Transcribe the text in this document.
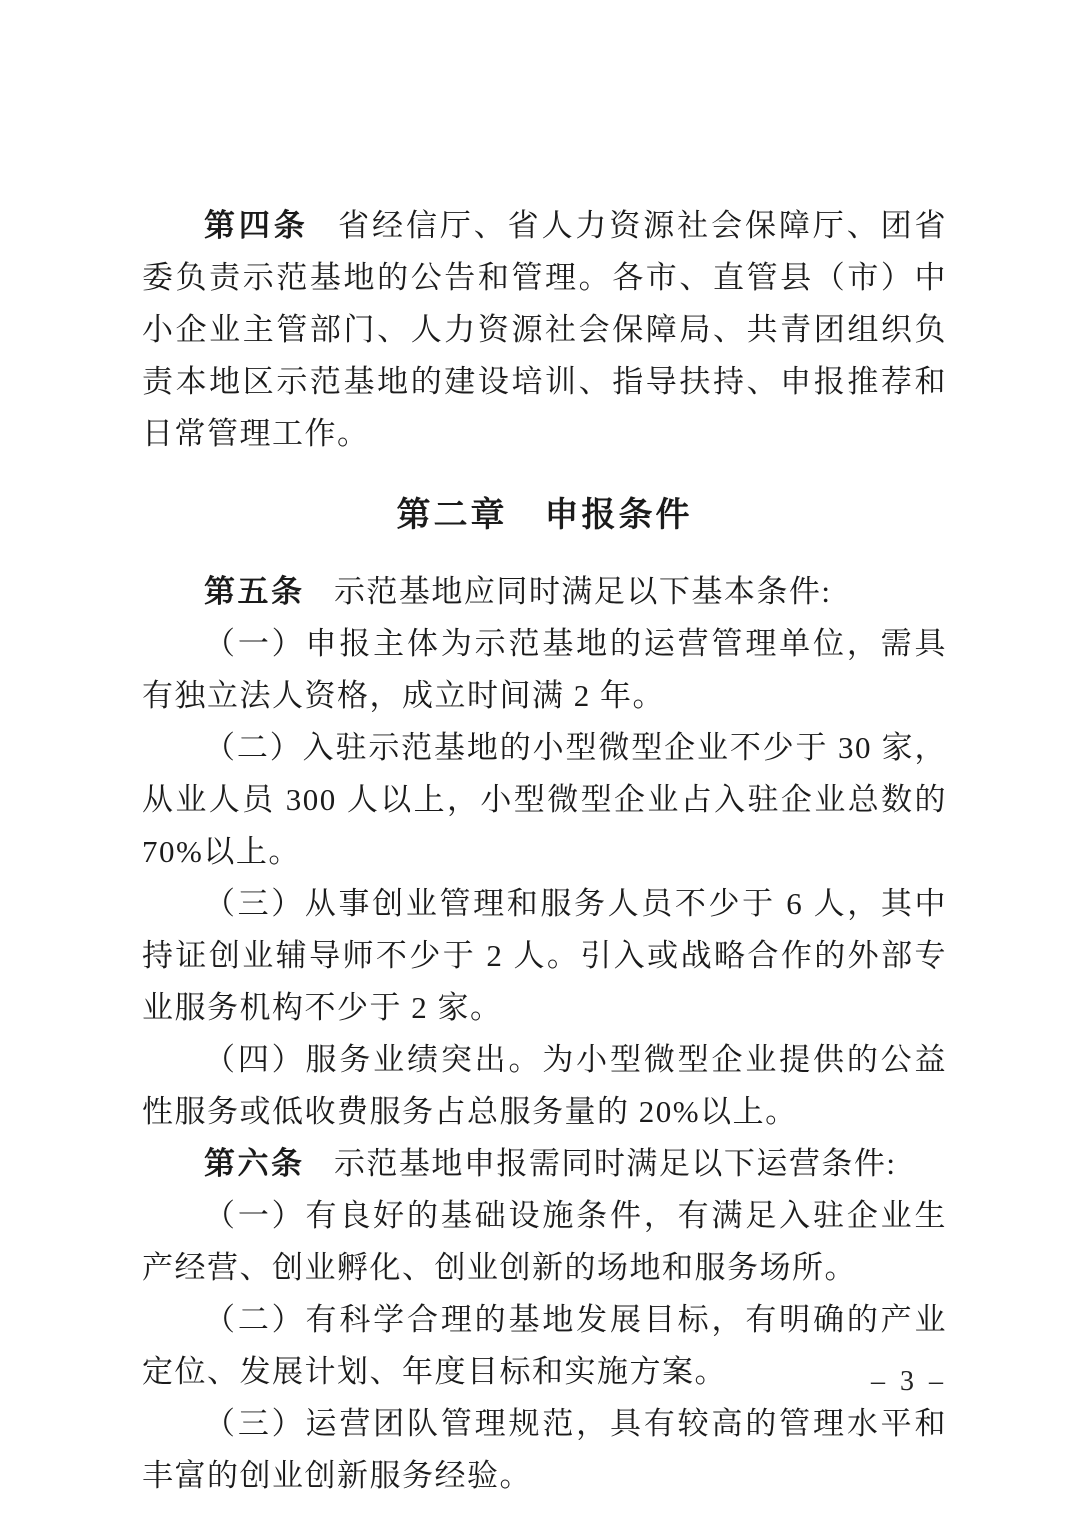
第四条 省经信厅、省人力资源社会保障厅、团省委负责示范基地的公告和管理。各市、直管县（市）中小企业主管部门、人力资源社会保障局、共青团组织负责本地区示范基地的建设培训、指导扶持、申报推荐和日常管理工作。

第二章　申报条件

第五条 示范基地应同时满足以下基本条件:

（一）申报主体为示范基地的运营管理单位，需具有独立法人资格，成立时间满 2 年。

（二）入驻示范基地的小型微型企业不少于 30 家，从业人员 300 人以上，小型微型企业占入驻企业总数的 70%以上。

（三）从事创业管理和服务人员不少于 6 人，其中持证创业辅导师不少于 2 人。引入或战略合作的外部专业服务机构不少于 2 家。

（四）服务业绩突出。为小型微型企业提供的公益性服务或低收费服务占总服务量的 20%以上。

第六条 示范基地申报需同时满足以下运营条件:

（一）有良好的基础设施条件，有满足入驻企业生产经营、创业孵化、创业创新的场地和服务场所。

（二）有科学合理的基地发展目标，有明确的产业定位、发展计划、年度目标和实施方案。

（三）运营团队管理规范，具有较高的管理水平和丰富的创业创新服务经验。

– 3 –
